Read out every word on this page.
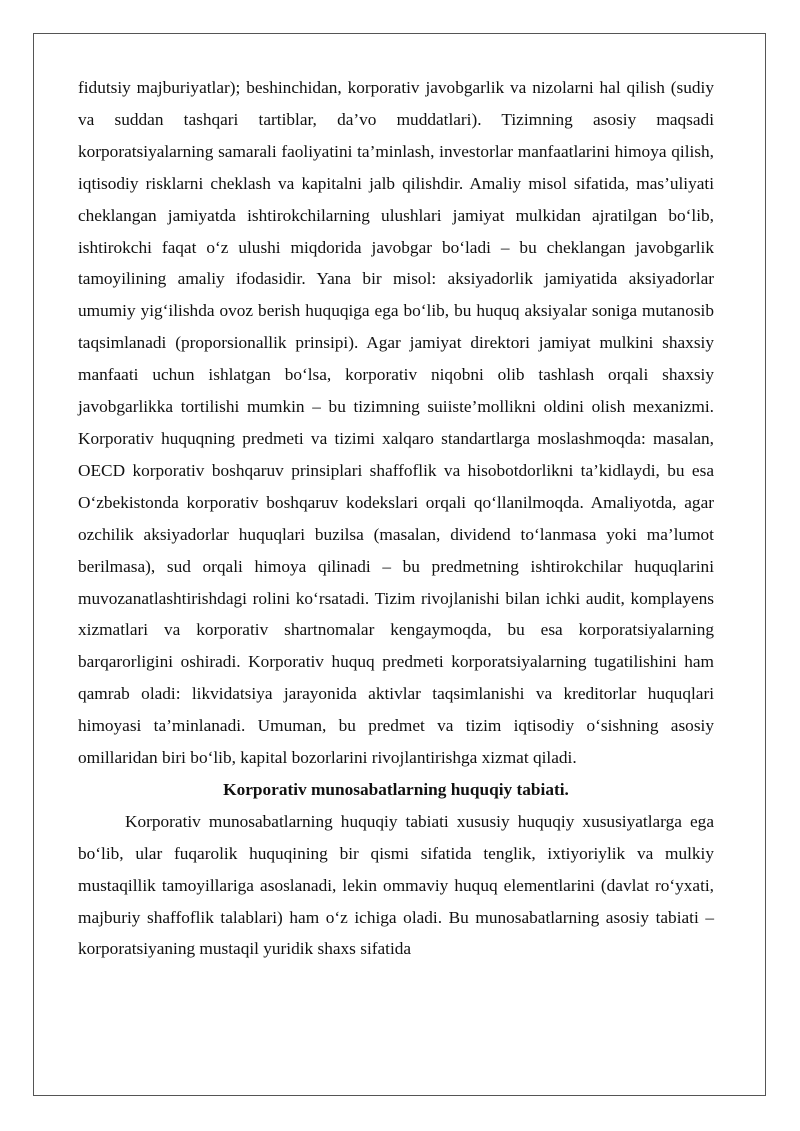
fidutsiy majburiyatlar); beshinchidan, korporativ javobgarlik va nizolarni hal qilish (sudiy va suddan tashqari tartiblar, da’vo muddatlari). Tizimning asosiy maqsadi korporatsiyalarning samarali faoliyatini ta’minlash, investorlar manfaatlarini himoya qilish, iqtisodiy risklarni cheklash va kapitalni jalb qilishdir. Amaliy misol sifatida, mas’uliyati cheklangan jamiyatda ishtirokchilarning ulushlari jamiyat mulkidan ajratilgan bo‘lib, ishtirokchi faqat o‘z ulushi miqdorida javobgar bo‘ladi – bu cheklangan javobgarlik tamoyilining amaliy ifodasidir. Yana bir misol: aksiyadorlik jamiyatida aksiyadorlar umumiy yig‘ilishda ovoz berish huquqiga ega bo‘lib, bu huquq aksiyalar soniga mutanosib taqsimlanadi (proporsionallik prinsipi). Agar jamiyat direktori jamiyat mulkini shaxsiy manfaati uchun ishlatgan bo‘lsa, korporativ niqobni olib tashlash orqali shaxsiy javobgarlikka tortilishi mumkin – bu tizimning suiiste’mollikni oldini olish mexanizmi. Korporativ huquqning predmeti va tizimi xalqaro standartlarga moslashmoqda: masalan, OECD korporativ boshqaruv prinsiplari shaffoflik va hisobotdorlikni ta’kidlaydi, bu esa O‘zbekistonda korporativ boshqaruv kodekslari orqali qo‘llanilmoqda. Amaliyotda, agar ozchilik aksiyadorlar huquqlari buzilsa (masalan, dividend to‘lanmasa yoki ma’lumot berilmasa), sud orqali himoya qilinadi – bu predmetning ishtirokchilar huquqlarini muvozanatlashtirishdagi rolini ko‘rsatadi. Tizim rivojlanishi bilan ichki audit, komplayens xizmatlari va korporativ shartnomalar kengaymoqda, bu esa korporatsiyalarning barqarorligini oshiradi. Korporativ huquq predmeti korporatsiyalarning tugatilishini ham qamrab oladi: likvidatsiya jarayonida aktivlar taqsimlanishi va kreditorlar huquqlari himoyasi ta’minlanadi. Umuman, bu predmet va tizim iqtisodiy o‘sishning asosiy omillaridan biri bo‘lib, kapital bozorlarini rivojlantirishga xizmat qiladi.

Korporativ munosabatlarning huquqiy tabiati.

Korporativ munosabatlarning huquqiy tabiati xususiy huquqiy xususiyatlarga ega bo‘lib, ular fuqarolik huquqining bir qismi sifatida tenglik, ixtiyoriylik va mulkiy mustaqillik tamoyillariga asoslanadi, lekin ommaviy huquq elementlarini (davlat ro‘yxati, majburiy shaffoflik talablari) ham o‘z ichiga oladi. Bu munosabatlarning asosiy tabiati – korporatsiyaning mustaqil yuridik shaxs sifatida
